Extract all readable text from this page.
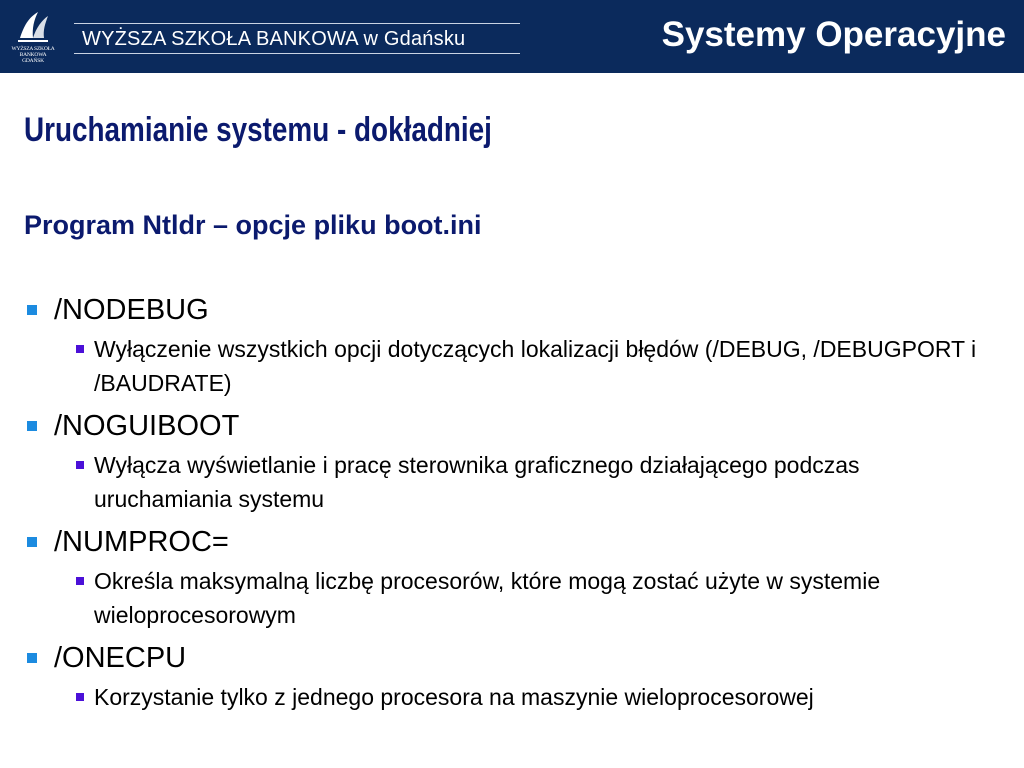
WYŻSZA SZKOŁA
BANKOWA
GDAŃSK
WYŻSZA SZKOŁA BANKOWA w Gdańsku	Systemy Operacyjne
Uruchamianie systemu - dokładniej
Program Ntldr – opcje pliku boot.ini
/NODEBUG
Wyłączenie wszystkich opcji dotyczących lokalizacji błędów (/DEBUG, /DEBUGPORT i /BAUDRATE)
/NOGUIBOOT
Wyłącza wyświetlanie i pracę sterownika graficznego działającego podczas uruchamiania systemu
/NUMPROC=
Określa maksymalną liczbę procesorów, które mogą zostać użyte w systemie wieloprocesorowym
/ONECPU
Korzystanie tylko z jednego procesora na maszynie wieloprocesorowej
